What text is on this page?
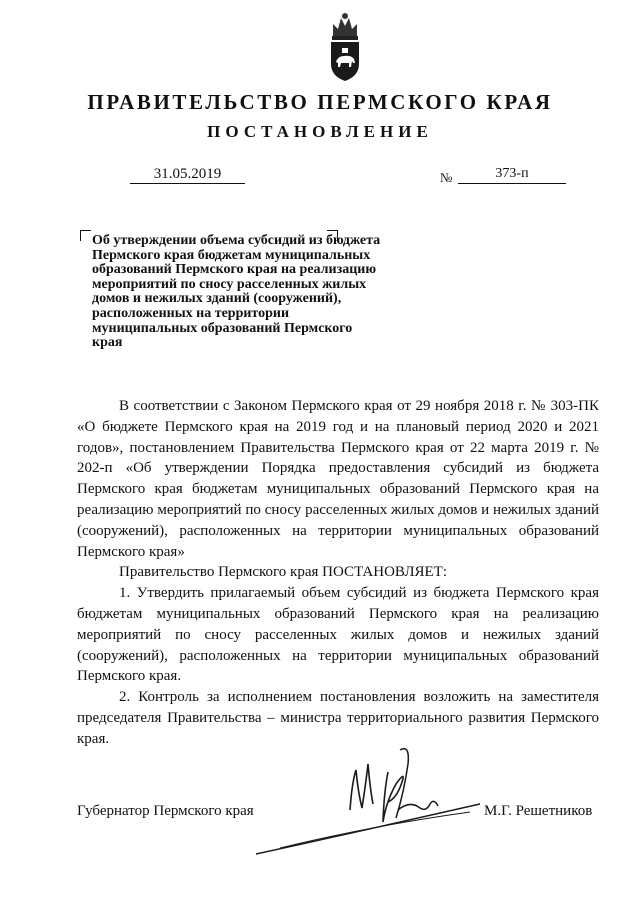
ПРАВИТЕЛЬСТВО ПЕРМСКОГО КРАЯ
ПОСТАНОВЛЕНИЕ
31.05.2019	№	373-п
Об утверждении объема субсидий из бюджета Пермского края бюджетам муниципальных образований Пермского края на реализацию мероприятий по сносу расселенных жилых домов и нежилых зданий (сооружений), расположенных на территории муниципальных образований Пермского края

В соответствии с Законом Пермского края от 29 ноября 2018 г. № 303-ПК «О бюджете Пермского края на 2019 год и на плановый период 2020 и 2021 годов», постановлением Правительства Пермского края от 22 марта 2019 г. № 202-п «Об утверждении Порядка предоставления субсидий из бюджета Пермского края бюджетам муниципальных образований Пермского края на реализацию мероприятий по сносу расселенных жилых домов и нежилых зданий (сооружений), расположенных на территории муниципальных образований Пермского края»

Правительство Пермского края ПОСТАНОВЛЯЕТ:

1. Утвердить прилагаемый объем субсидий из бюджета Пермского края бюджетам муниципальных образований Пермского края на реализацию мероприятий по сносу расселенных жилых домов и нежилых зданий (сооружений), расположенных на территории муниципальных образований Пермского края.

2. Контроль за исполнением постановления возложить на заместителя председателя Правительства – министра территориального развития Пермского края.

Губернатор Пермского края	М.Г. Решетников
